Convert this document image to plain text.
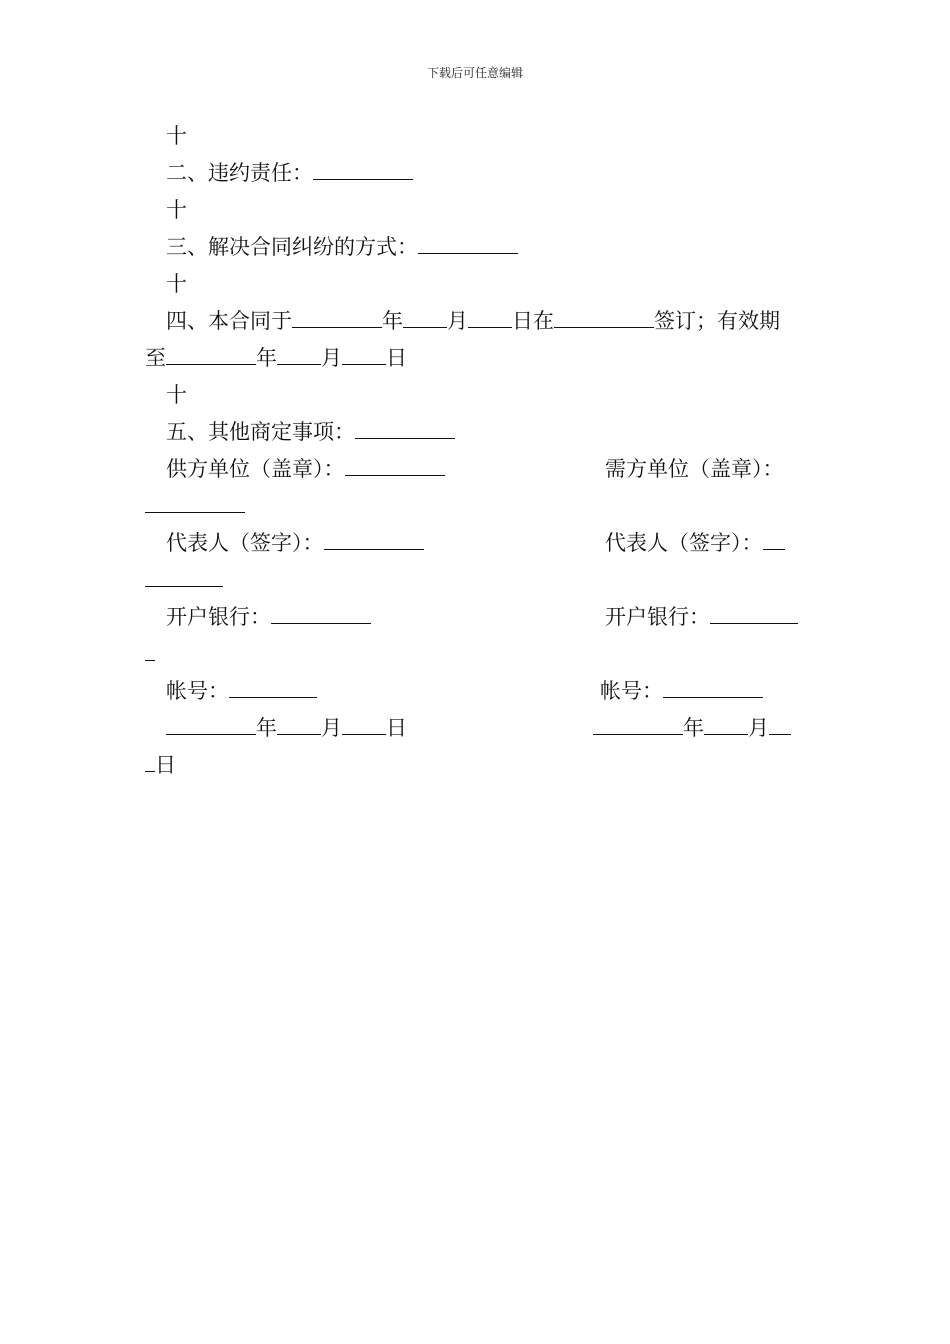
下载后可任意编辑
十
二、违约责任：
十
三、解决合同纠纷的方式：
十
四、本合同于	年 月 日在	签订；有效期
至	年 月 日
十
五、其他商定事项：
供方单位（盖章）：	需方单位（盖章）：
代表人（签字）：	代表人（签字）：
开户银行：	开户银行：
帐号：	帐号：
年 月 日	年 月
日
